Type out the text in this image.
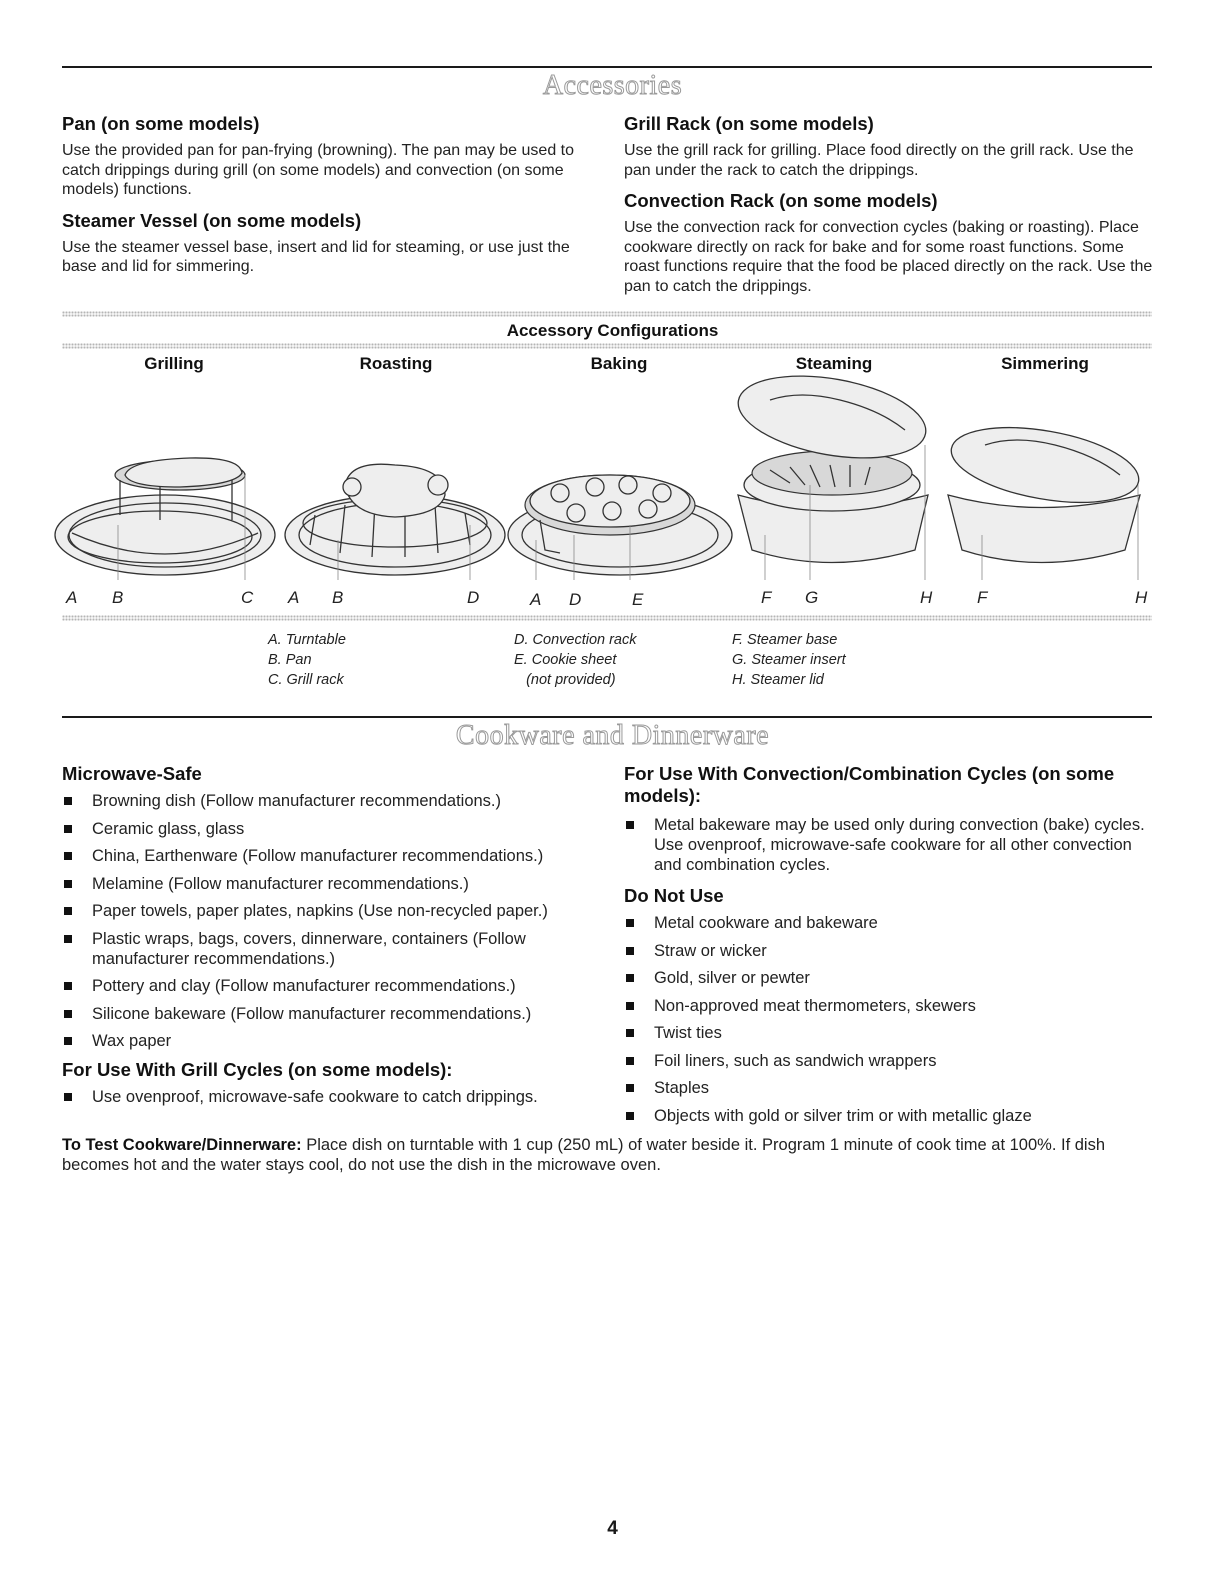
Accessories
Pan (on some models)

Use the provided pan for pan-frying (browning). The pan may be used to catch drippings during grill (on some models) and convection (on some models) functions.

Steamer Vessel (on some models)

Use the steamer vessel base, insert and lid for steaming, or use just the base and lid for simmering.

Grill Rack (on some models)

Use the grill rack for grilling. Place food directly on the grill rack. Use the pan under the rack to catch the drippings.

Convection Rack (on some models)

Use the convection rack for convection cycles (baking or roasting). Place cookware directly on rack for bake and for some roast functions. Some roast functions require that the food be placed directly on the rack. Use the pan to catch the drippings.

Accessory Configurations
Grilling	Roasting	Baking	Steaming	Simmering
A B	C A B	D	A D	E	F G	H	F	H
A. Turntable
B. Pan
C. Grill rack
D. Convection rack
E. Cookie sheet
(not provided)
F. Steamer base
G. Steamer insert
H. Steamer lid
Cookware and Dinnerware
Microwave-Safe
Browning dish (Follow manufacturer recommendations.)
Ceramic glass, glass
China, Earthenware (Follow manufacturer recommendations.)
Melamine (Follow manufacturer recommendations.)
Paper towels, paper plates, napkins (Use non-recycled paper.)
Plastic wraps, bags, covers, dinnerware, containers (Follow manufacturer recommendations.)
Pottery and clay (Follow manufacturer recommendations.)
Silicone bakeware (Follow manufacturer recommendations.)
Wax paper
For Use With Grill Cycles (on some models):
Use ovenproof, microwave-safe cookware to catch drippings.
For Use With Convection/Combination Cycles (on some models):
Metal bakeware may be used only during convection (bake) cycles. Use ovenproof, microwave-safe cookware for all other convection and combination cycles.
Do Not Use
Metal cookware and bakeware
Straw or wicker
Gold, silver or pewter
Non-approved meat thermometers, skewers
Twist ties
Foil liners, such as sandwich wrappers
Staples
Objects with gold or silver trim or with metallic glaze
To Test Cookware/Dinnerware: Place dish on turntable with 1 cup (250 mL) of water beside it. Program 1 minute of cook time at 100%. If dish becomes hot and the water stays cool, do not use the dish in the microwave oven.
4
